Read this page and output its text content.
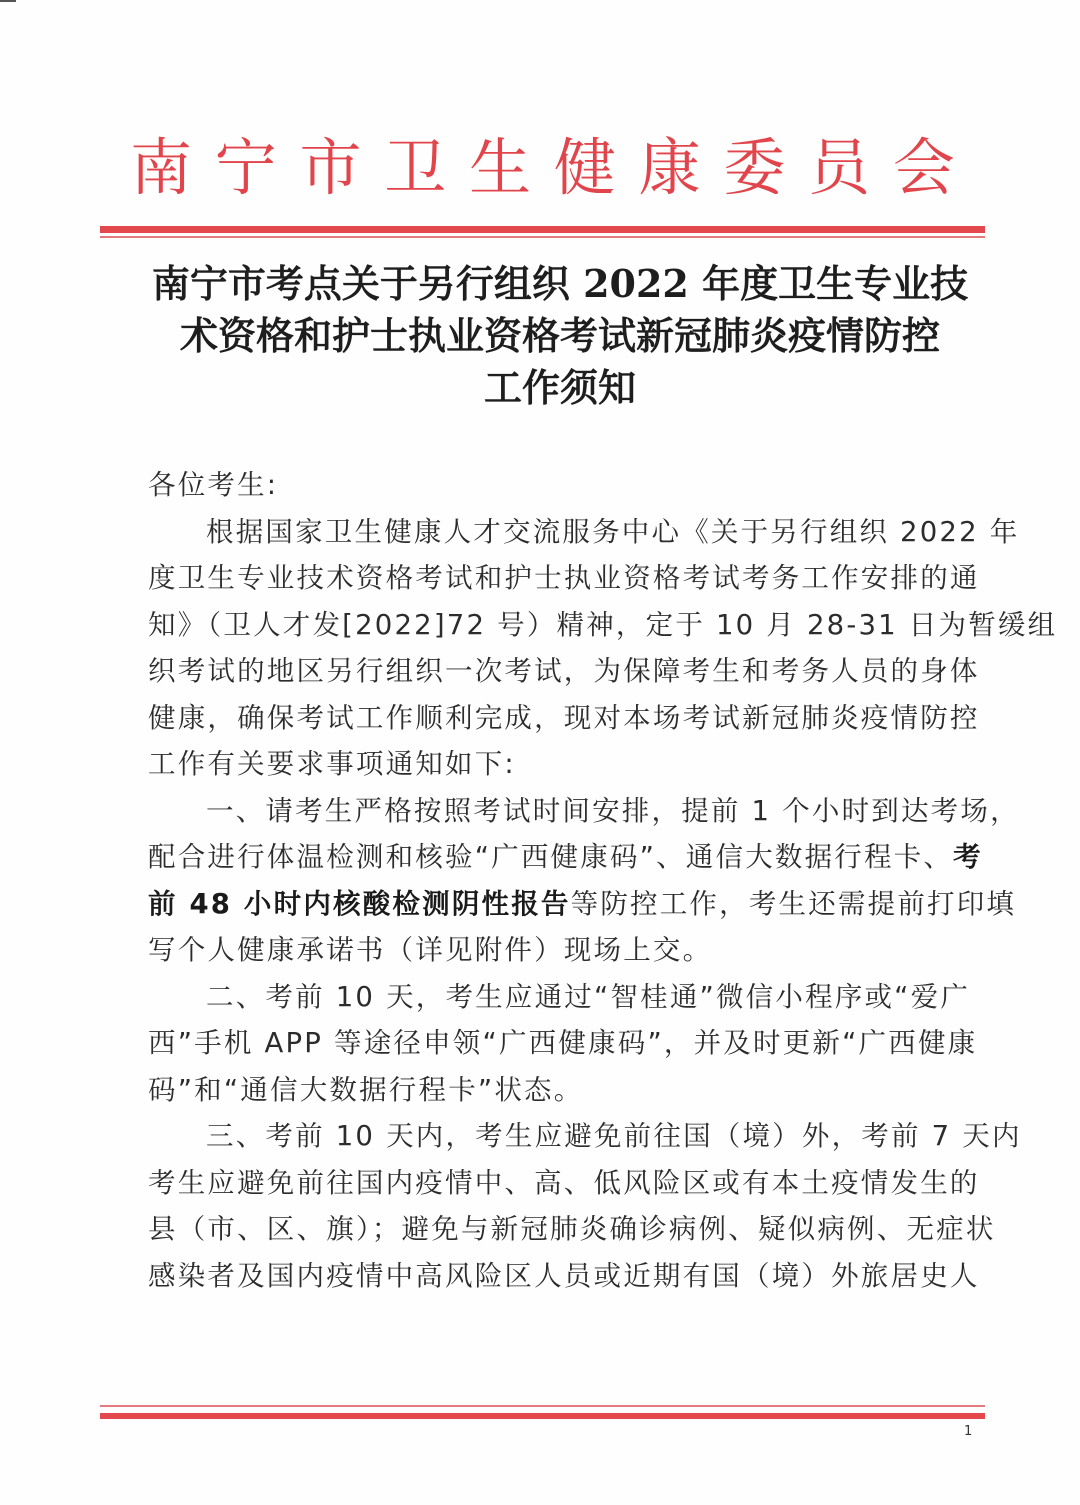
南 宁 市 卫 生 健 康 委 员 会
南宁市考点关于另行组织 2022 年度卫生专业技
术资格和护士执业资格考试新冠肺炎疫情防控
工作须知
各位考生:
根据国家卫生健康人才交流服务中心《关于另行组织 2022 年
度卫生专业技术资格考试和护士执业资格考试考务工作安排的通
知》（卫人才发[2022]72 号）精神，定于 10 月 28-31 日为暂缓组
织考试的地区另行组织一次考试，为保障考生和考务人员的身体
健康，确保考试工作顺利完成，现对本场考试新冠肺炎疫情防控
工作有关要求事项通知如下:
一、请考生严格按照考试时间安排，提前 1 个小时到达考场，
配合进行体温检测和核验“广西健康码”、通信大数据行程卡、考
前 48 小时内核酸检测阴性报告等防控工作，考生还需提前打印填
写个人健康承诺书（详见附件）现场上交。
二、考前 10 天，考生应通过“智桂通”微信小程序或“爱广
西”手机 APP 等途径申领“广西健康码”，并及时更新“广西健康
码”和“通信大数据行程卡”状态。
三、考前 10 天内，考生应避免前往国（境）外，考前 7 天内
考生应避免前往国内疫情中、高、低风险区或有本土疫情发生的
县（市、区、旗）；避免与新冠肺炎确诊病例、疑似病例、无症状
感染者及国内疫情中高风险区人员或近期有国（境）外旅居史人
1
